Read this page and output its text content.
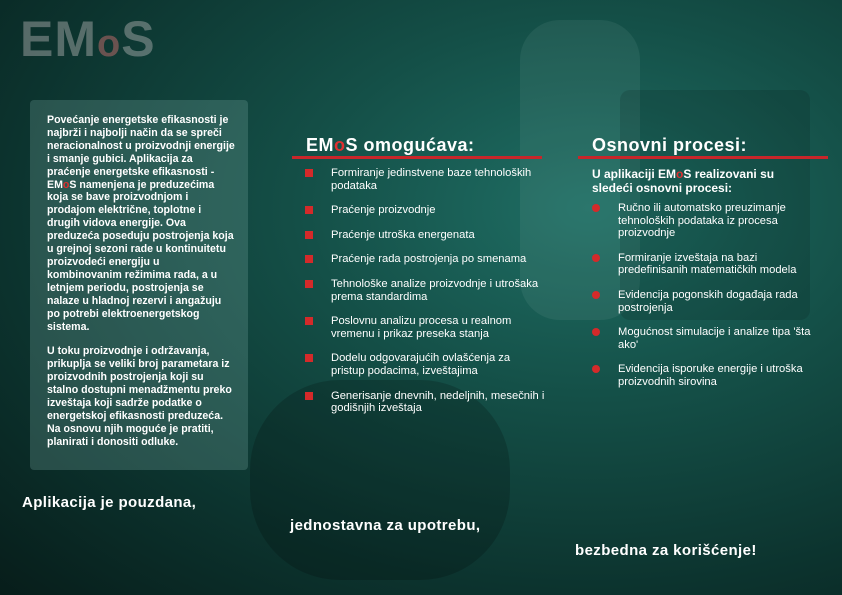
EMoS

Povećanje energetske efikasnosti je najbrži i najbolji način da se spreči neracionalnost u proizvodnji energije i smanje gubici. Aplikacija za praćenje energetske efikasnosti - EMoS namenjena je preduzećima koja se bave proizvodnjom i prodajom električne, toplotne i drugih vidova energije. Ova preduzeća poseduju postrojenja koja u grejnoj sezoni rade u kontinuitetu proizvodeći energiju u kombinovanim režimima rada, a u letnjem periodu, postrojenja se nalaze u hladnoj rezervi i angažuju po potrebi elektroenergetskog sistema.

U toku proizvodnje i održavanja, prikuplja se veliki broj parametara iz proizvodnih postrojenja koji su stalno dostupni menadžmentu preko izveštaja koji sadrže podatke o energetskoj efikasnosti preduzeća. Na osnovu njih moguće je pratiti, planirati i donositi odluke.

EMoS omogućava:
Formiranje jedinstvene baze tehnoloških podataka
Praćenje proizvodnje
Praćenje utroška energenata
Praćenje rada postrojenja po smenama
Tehnološke analize proizvodnje i utrošaka prema standardima
Poslovnu analizu procesa u realnom vremenu i prikaz preseka stanja
Dodelu odgovarajućih ovlašćenja za pristup podacima, izveštajima
Generisanje dnevnih, nedeljnih, mesečnih i godišnjih izveštaja
Osnovni procesi:
U aplikaciji EMoS realizovani su sledeći osnovni procesi:
Ručno ili automatsko preuzimanje tehnoloških podataka iz procesa proizvodnje
Formiranje izveštaja na bazi predefinisanih matematičkih modela
Evidencija pogonskih događaja rada postrojenja
Mogućnost simulacije i analize tipa 'šta ako'
Evidencija isporuke energije i utroška proizvodnih sirovina
Aplikacija je pouzdana,
jednostavna za upotrebu,
bezbedna za korišćenje!
